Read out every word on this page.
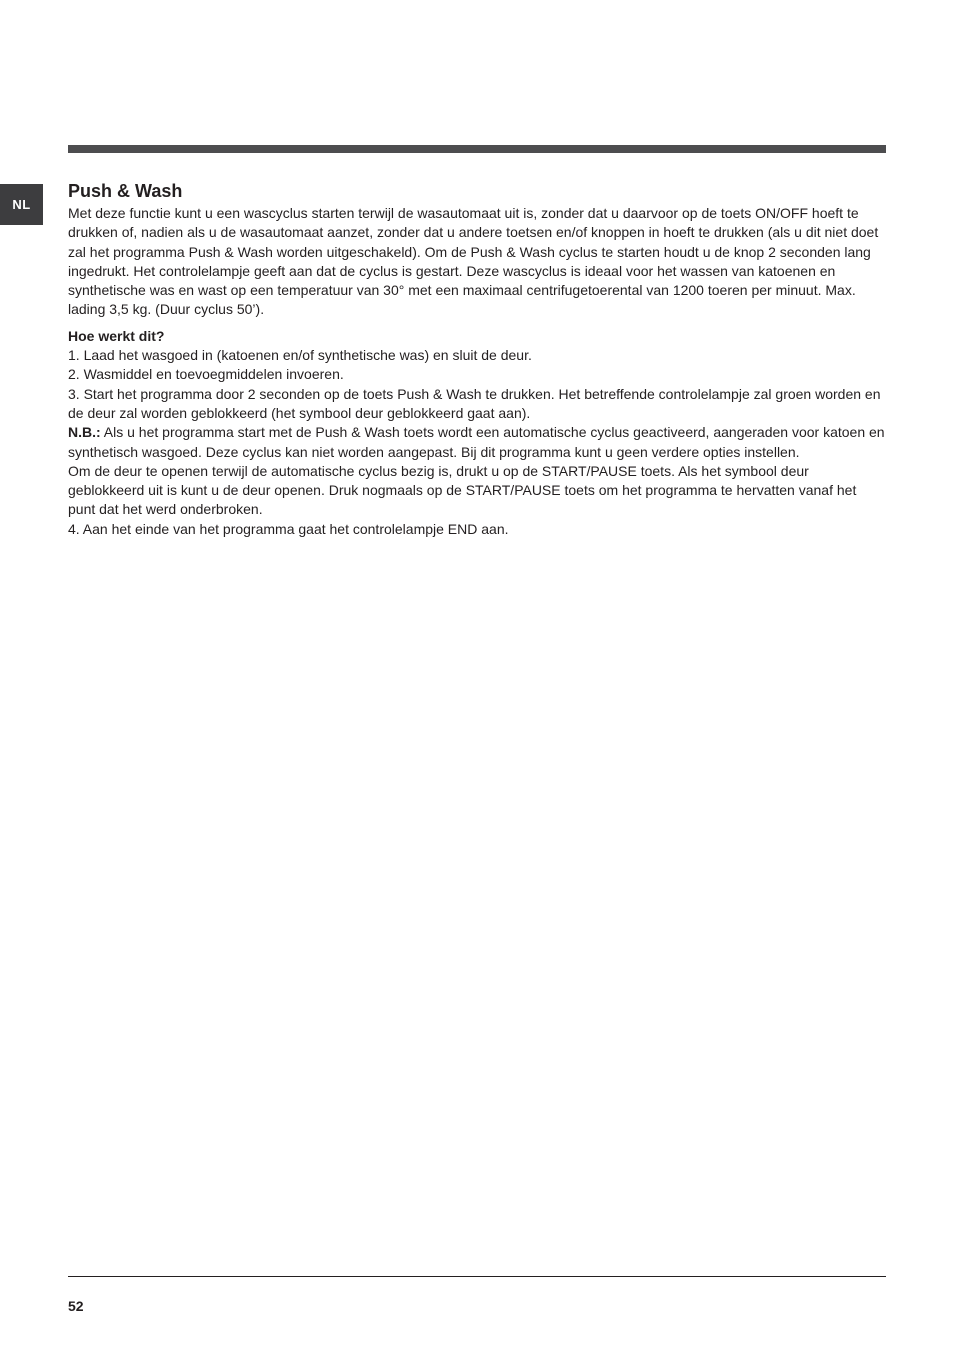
NL
Push & Wash

Met deze functie kunt u een wascyclus starten terwijl de wasautomaat uit is, zonder dat u daarvoor op de toets ON/OFF hoeft te drukken of, nadien als u de wasautomaat aanzet, zonder dat u andere toetsen en/of knoppen in hoeft te drukken (als u dit niet doet zal het programma Push & Wash worden uitgeschakeld). Om de Push & Wash cyclus te starten houdt u de knop 2 seconden lang ingedrukt. Het controlelampje geeft aan dat de cyclus is gestart. Deze wascyclus is ideaal voor het wassen van katoenen en synthetische was en wast op een temperatuur van 30° met een maximaal centrifugetoerental van 1200 toeren per minuut. Max. lading 3,5 kg. (Duur cyclus 50’).

Hoe werkt dit?

1. Laad het wasgoed in (katoenen en/of synthetische was) en sluit de deur.

2. Wasmiddel en toevoegmiddelen invoeren.

3. Start het programma door 2 seconden op de toets Push & Wash te drukken. Het betreffende controlelampje zal groen worden en de deur zal worden geblokkeerd (het symbool deur geblokkeerd gaat aan).

N.B.: Als u het programma start met de Push & Wash toets wordt een automatische cyclus geactiveerd, aangeraden voor katoen en synthetisch wasgoed. Deze cyclus kan niet worden aangepast. Bij dit programma kunt u geen verdere opties instellen.

Om de deur te openen terwijl de automatische cyclus bezig is, drukt u op de START/PAUSE toets. Als het symbool deur geblokkeerd uit is kunt u de deur openen. Druk nogmaals op de START/PAUSE toets om het programma te hervatten vanaf het punt dat het werd onderbroken.

4. Aan het einde van het programma gaat het controlelampje END aan.

52
